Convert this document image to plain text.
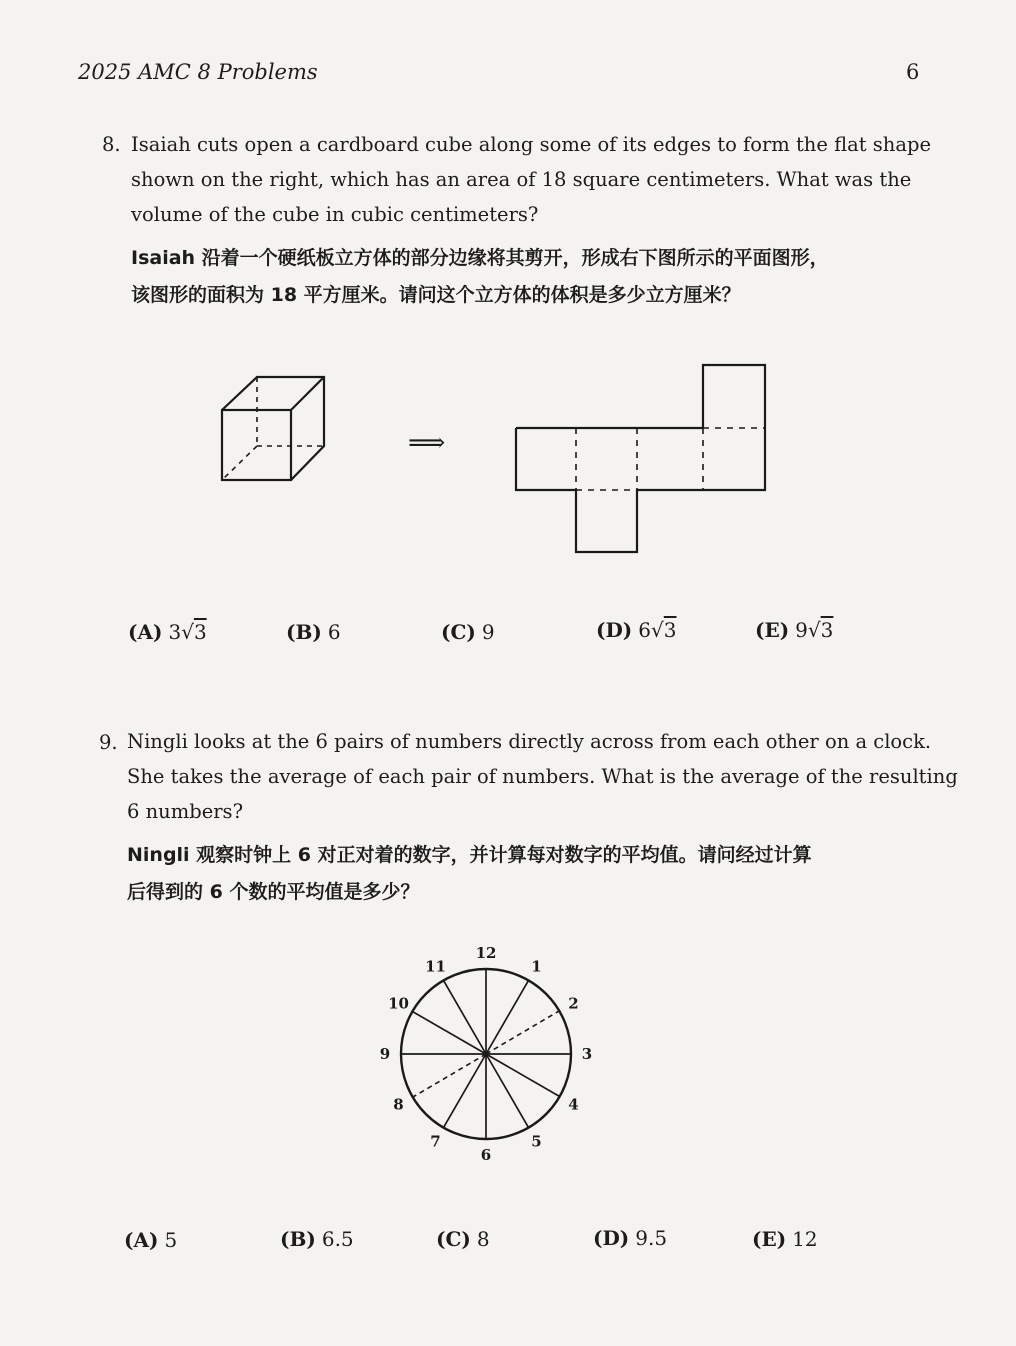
2025 AMC 8 Problems	6
8. Isaiah cuts open a cardboard cube along some of its edges to form the flat shape
shown on the right, which has an area of 18 square centimeters. What was the
volume of the cube in cubic centimeters?
Isaiah 沿着一个硬纸板立方体的部分边缘将其剪开，形成右下图所示的平面图形，
该图形的面积为 18 平方厘米。请问这个立方体的体积是多少立方厘米？
⟹
(A) 3√3	(B) 6	(C) 9	(D) 6√3	(E) 9√3
9. Ningli looks at the 6 pairs of numbers directly across from each other on a clock.
She takes the average of each pair of numbers. What is the average of the resulting
6 numbers?
Ningli 观察时钟上 6 对正对着的数字，并计算每对数字的平均值。请问经过计算
后得到的 6 个数的平均值是多少？
12
1
2
3
4
5
6
7
8
9
10
11
(A) 5	(B) 6.5	(C) 8	(D) 9.5	(E) 12
